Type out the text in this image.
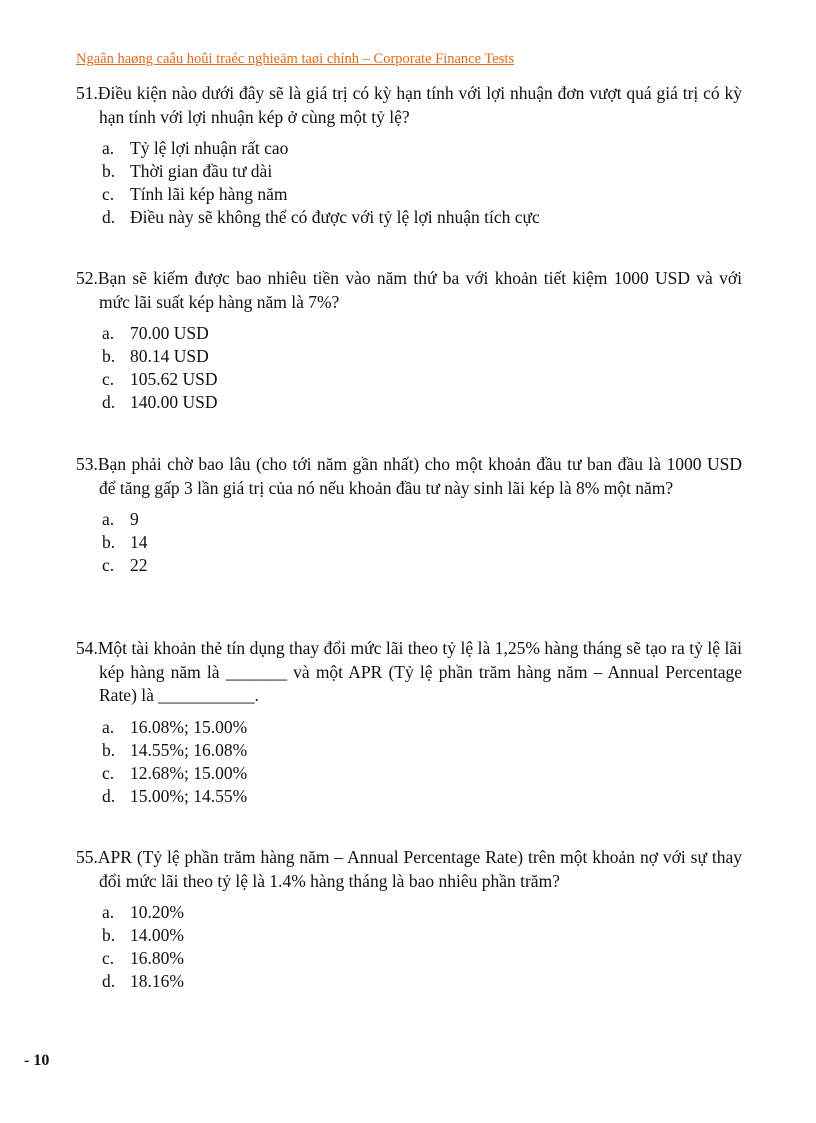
Ngaân haøng caâu hoûi traéc nghieäm taøi chính – Corporate Finance Tests
51.Điều kiện nào dưới đây sẽ là giá trị có kỳ hạn tính với lợi nhuận đơn vượt quá giá trị có kỳ hạn tính với lợi nhuận kép ở cùng một tỷ lệ?
a. Tỷ lệ lợi nhuận rất cao
b. Thời gian đầu tư dài
c. Tính lãi kép hàng năm
d. Điều này sẽ không thể có được với tỷ lệ lợi nhuận tích cực
52.Bạn sẽ kiếm được bao nhiêu tiền vào năm thứ ba với khoản tiết kiệm 1000 USD và với mức lãi suất kép hàng năm là 7%?
a. 70.00 USD
b. 80.14 USD
c. 105.62 USD
d. 140.00 USD
53.Bạn phải chờ bao lâu (cho tới năm gần nhất) cho một khoản đầu tư ban đầu là 1000 USD để tăng gấp 3 lần giá trị của nó nếu khoản đầu tư này sinh lãi kép là 8% một năm?
a. 9
b. 14
c. 22
54.Một tài khoản thẻ tín dụng thay đổi mức lãi theo tỷ lệ là 1,25% hàng tháng sẽ tạo ra tỷ lệ lãi kép hàng năm là _______ và một APR (Tỷ lệ phần trăm hàng năm – Annual Percentage Rate) là ___________.
a. 16.08%; 15.00%
b. 14.55%; 16.08%
c. 12.68%; 15.00%
d. 15.00%; 14.55%
55.APR (Tỷ lệ phần trăm hàng năm – Annual Percentage Rate) trên một khoản nợ với sự thay đổi mức lãi theo tỷ lệ là 1.4% hàng tháng là bao nhiêu phần trăm?
a. 10.20%
b. 14.00%
c. 16.80%
d. 18.16%
- 10
